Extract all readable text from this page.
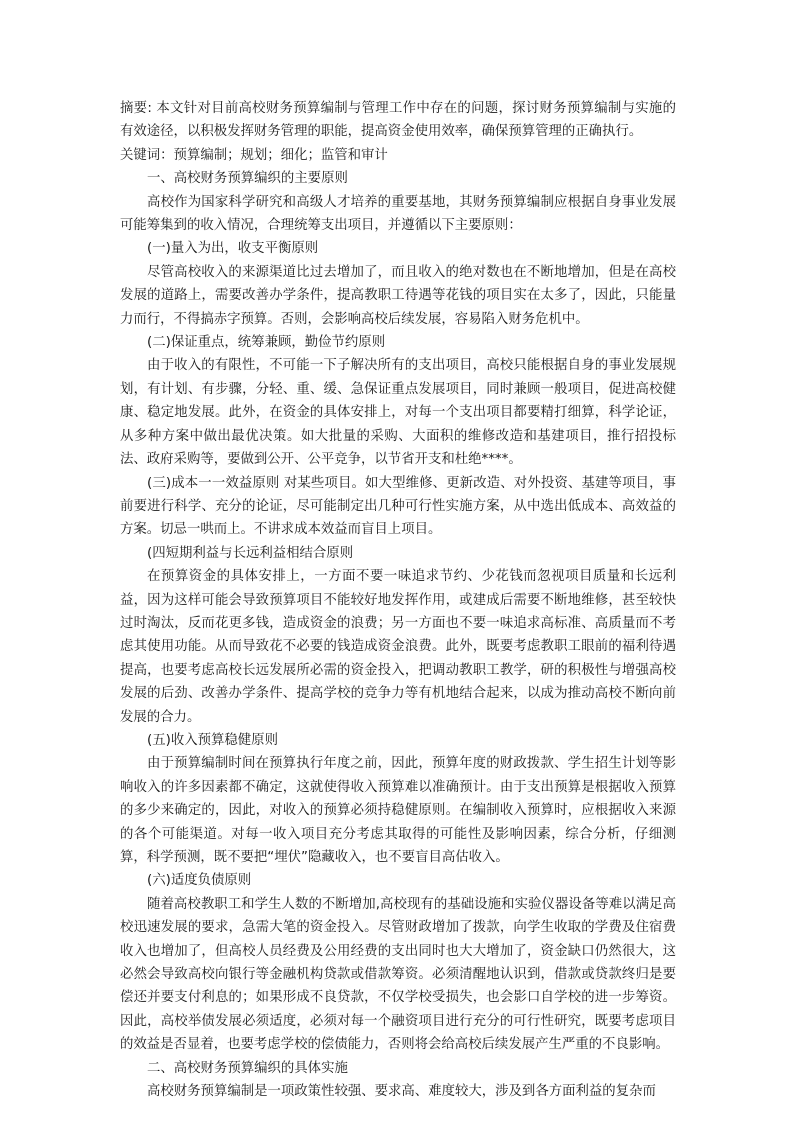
摘要: 本文针对目前高校财务预算编制与管理工作中存在的问题，探讨财务预算编制与实施的有效途径，以积极发挥财务管理的职能，提高资金使用效率，确保预算管理的正确执行。

关键词：预算编制；规划；细化；监管和审计

一、高校财务预算编织的主要原则

高校作为国家科学研究和高级人才培养的重要基地，其财务预算编制应根据自身事业发展可能筹集到的收入情况，合理统筹支出项目，并遵循以下主要原则：

(一)量入为出，收支平衡原则

尽管高校收入的来源渠道比过去增加了，而且收入的绝对数也在不断地增加，但是在高校发展的道路上，需要改善办学条件，提高教职工待遇等花钱的项目实在太多了，因此，只能量力而行，不得搞赤字预算。否则，会影响高校后续发展，容易陷入财务危机中。

(二)保证重点，统筹兼顾，勤俭节约原则

由于收入的有限性，不可能一下子解决所有的支出项目，高校只能根据自身的事业发展规划，有计划、有步骤，分轻、重、缓、急保证重点发展项目，同时兼顾一般项目，促进高校健康、稳定地发展。此外，在资金的具体安排上，对每一个支出项目都要精打细算，科学论证，从多种方案中做出最优决策。如大批量的采购、大面积的维修改造和基建项目，推行招投标法、政府采购等，要做到公开、公平竞争，以节省开支和杜绝****。

(三)成本一一效益原则 对某些项目。如大型维修、更新改造、对外投资、基建等项目，事前要进行科学、充分的论证，尽可能制定出几种可行性实施方案，从中选出低成本、高效益的方案。切忌一哄而上。不讲求成本效益而盲目上项目。

(四短期利益与长远利益相结合原则

在预算资金的具体安排上，一方面不要一味追求节约、少花钱而忽视项目质量和长远利益，因为这样可能会导致预算项目不能较好地发挥作用，或建成后需要不断地维修，甚至较快过时淘汰，反而花更多钱，造成资金的浪费；另一方面也不要一味追求高标准、高质量而不考虑其使用功能。从而导致花不必要的钱造成资金浪费。此外，既要考虑教职工眼前的福利待遇提高，也要考虑高校长远发展所必需的资金投入，把调动教职工教学，研的积极性与增强高校发展的后劲、改善办学条件、提高学校的竞争力等有机地结合起来，以成为推动高校不断向前发展的合力。

(五)收入预算稳健原则

由于预算编制时间在预算执行年度之前，因此，预算年度的财政拨款、学生招生计划等影响收入的许多因素都不确定，这就使得收入预算难以准确预计。由于支出预算是根据收入预算的多少来确定的，因此，对收入的预算必须持稳健原则。在编制收入预算时，应根据收入来源的各个可能渠道。对每一收入项目充分考虑其取得的可能性及影响因素，综合分析，仔细测算，科学预测，既不要把“埋伏”隐藏收入，也不要盲目高估收入。

(六)适度负债原则

随着高校教职工和学生人数的不断增加,高校现有的基础设施和实验仪器设备等难以满足高校迅速发展的要求，急需大笔的资金投入。尽管财政增加了拨款，向学生收取的学费及住宿费收入也增加了，但高校人员经费及公用经费的支出同时也大大增加了，资金缺口仍然很大，这必然会导致高校向银行等金融机构贷款或借款筹资。必须清醒地认识到，借款或贷款终归是要偿还并要支付利息的；如果形成不良贷款，不仅学校受损失，也会影口自学校的进一步筹资。因此，高校举债发展必须适度，必须对每一个融资项目进行充分的可行性研究，既要考虑项目的效益是否显着，也要考虑学校的偿债能力，否则将会给高校后续发展产生严重的不良影响。

二、高校财务预算编织的具体实施

高校财务预算编制是一项政策性较强、要求高、难度较大，涉及到各方面利益的复杂而
